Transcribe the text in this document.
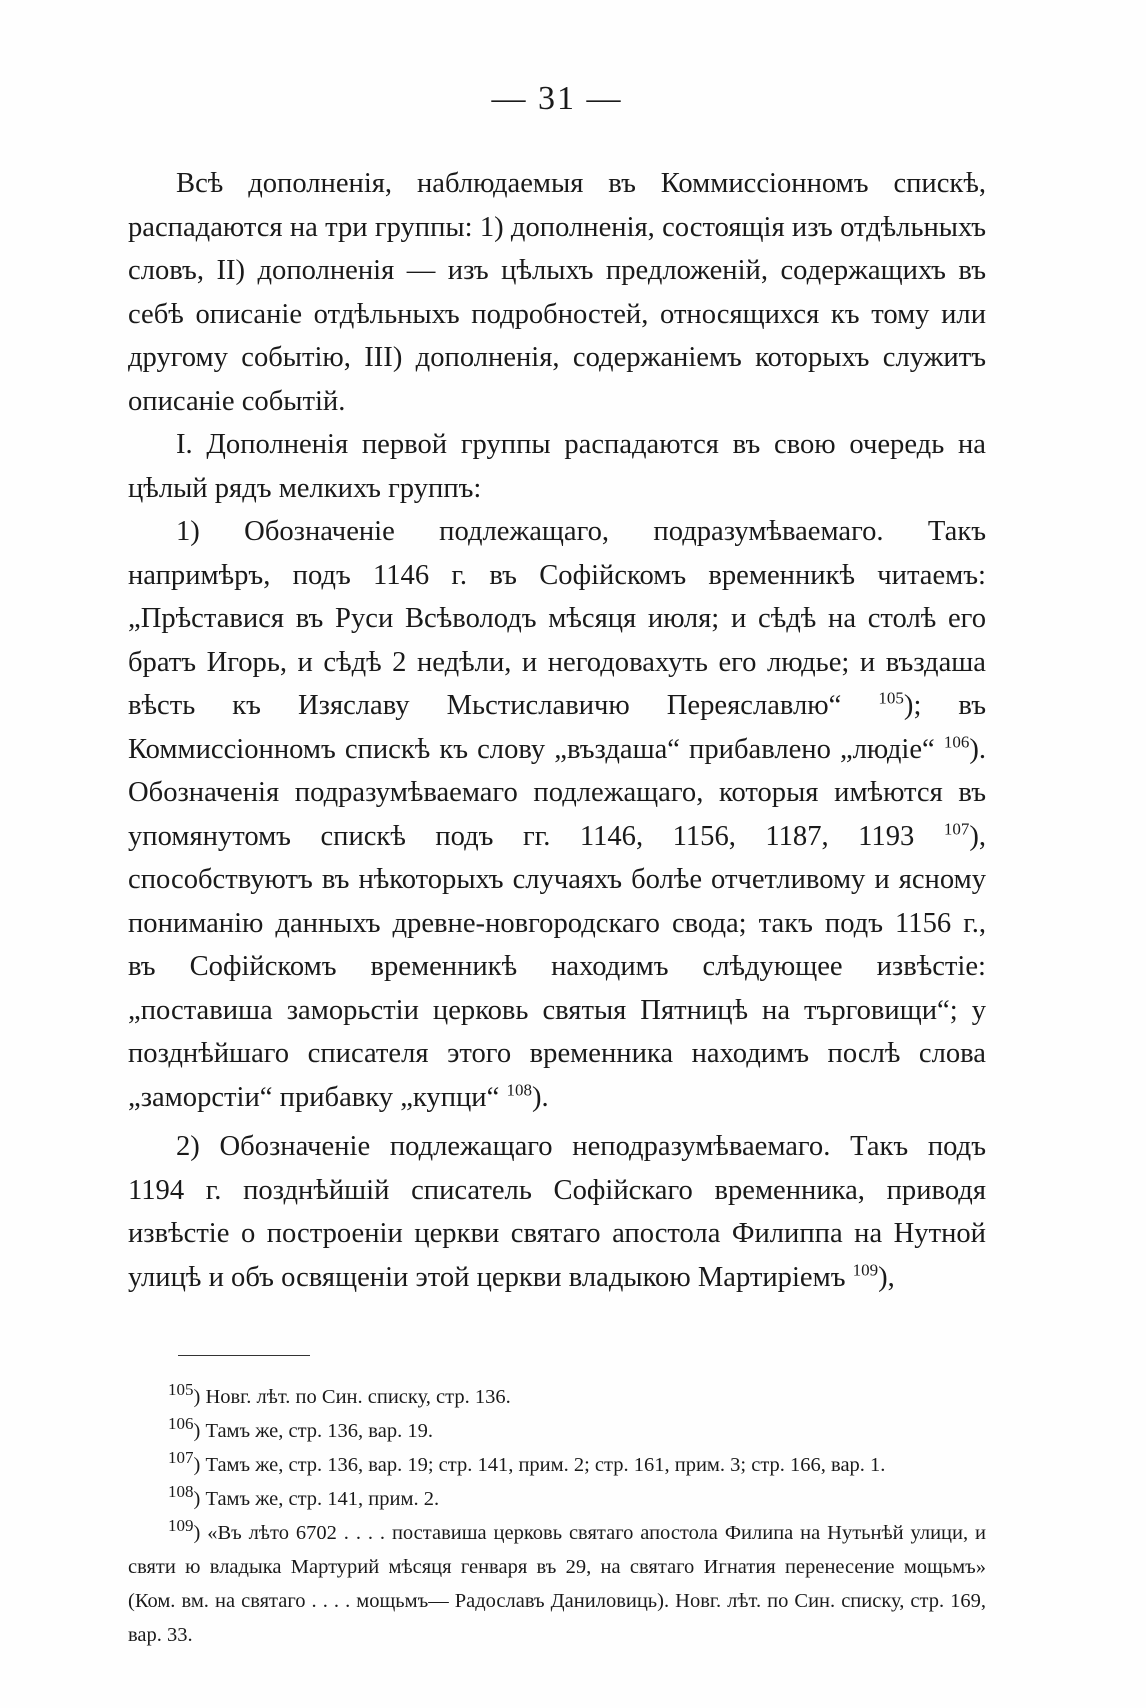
— 31 —

Всѣ дополненія, наблюдаемыя въ Коммиссіонномъ спискѣ, распадаются на три группы: 1) дополненія, состоящія изъ отдѣльныхъ словъ, II) дополненія — изъ цѣлыхъ предложеній, содержащихъ въ себѣ описаніе отдѣльныхъ подробностей, относящихся къ тому или другому событію, III) дополненія, содержаніемъ которыхъ служитъ описаніе событій.

I. Дополненія первой группы распадаются въ свою очередь на цѣлый рядъ мелкихъ группъ:

1) Обозначеніе подлежащаго, подразумѣваемаго. Такъ напримѣръ, подъ 1146 г. въ Софійскомъ временникѣ читаемъ: „Прѣставися въ Руси Всѣволодъ мѣсяця июля; и сѣдѣ на столѣ его братъ Игорь, и сѣдѣ 2 недѣли, и негодовахуть его людье; и въздаша вѣсть къ Изяславу Мьстиславичю Переяславлю“ $^{105}$); въ Коммиссіонномъ спискѣ къ слову „въздаша“ прибавлено „людіе“ $^{106}$). Обозначенія подразумѣваемаго подлежащаго, которыя имѣются въ упомянутомъ спискѣ подъ гг. 1146, 1156, 1187, 1193 $^{107}$), способствуютъ въ нѣкоторыхъ случаяхъ болѣе отчетливому и ясному пониманію данныхъ древне-новгородскаго свода; такъ подъ 1156 г., въ Софійскомъ временникѣ находимъ слѣдующее извѣстіе: „поставиша заморьстіи церковь святыя Пятницѣ на търговищи“; у позднѣйшаго списателя этого временника находимъ послѣ слова „заморстіи“ прибавку „купци“ $^{108}$).

2) Обозначеніе подлежащаго неподразумѣваемаго. Такъ подъ 1194 г. позднѣйшій списатель Софійскаго временника, приводя извѣстіе о построеніи церкви святаго апостола Филиппа на Нутной улицѣ и объ освященіи этой церкви владыкою Мартиріемъ $^{109}$),

$^{105}$) Новг. лѣт. по Син. списку, стр. 136.

$^{106}$) Тамъ же, стр. 136, вар. 19.

$^{107}$) Тамъ же, стр. 136, вар. 19; стр. 141, прим. 2; стр. 161, прим. 3; стр. 166, вар. 1.

$^{108}$) Тамъ же, стр. 141, прим. 2.

$^{109}$) «Въ лѣто 6702 . . . . поставиша церковь святаго апостола Филипа на Нутьнѣй улици, и святи ю владыка Мартурий мѣсяця генваря въ 29, на святаго Игнатия перенесение мощьмъ» (Ком. вм. на святаго . . . . мощьмъ— Радославъ Даниловиць). Новг. лѣт. по Син. списку, стр. 169, вар. 33.
